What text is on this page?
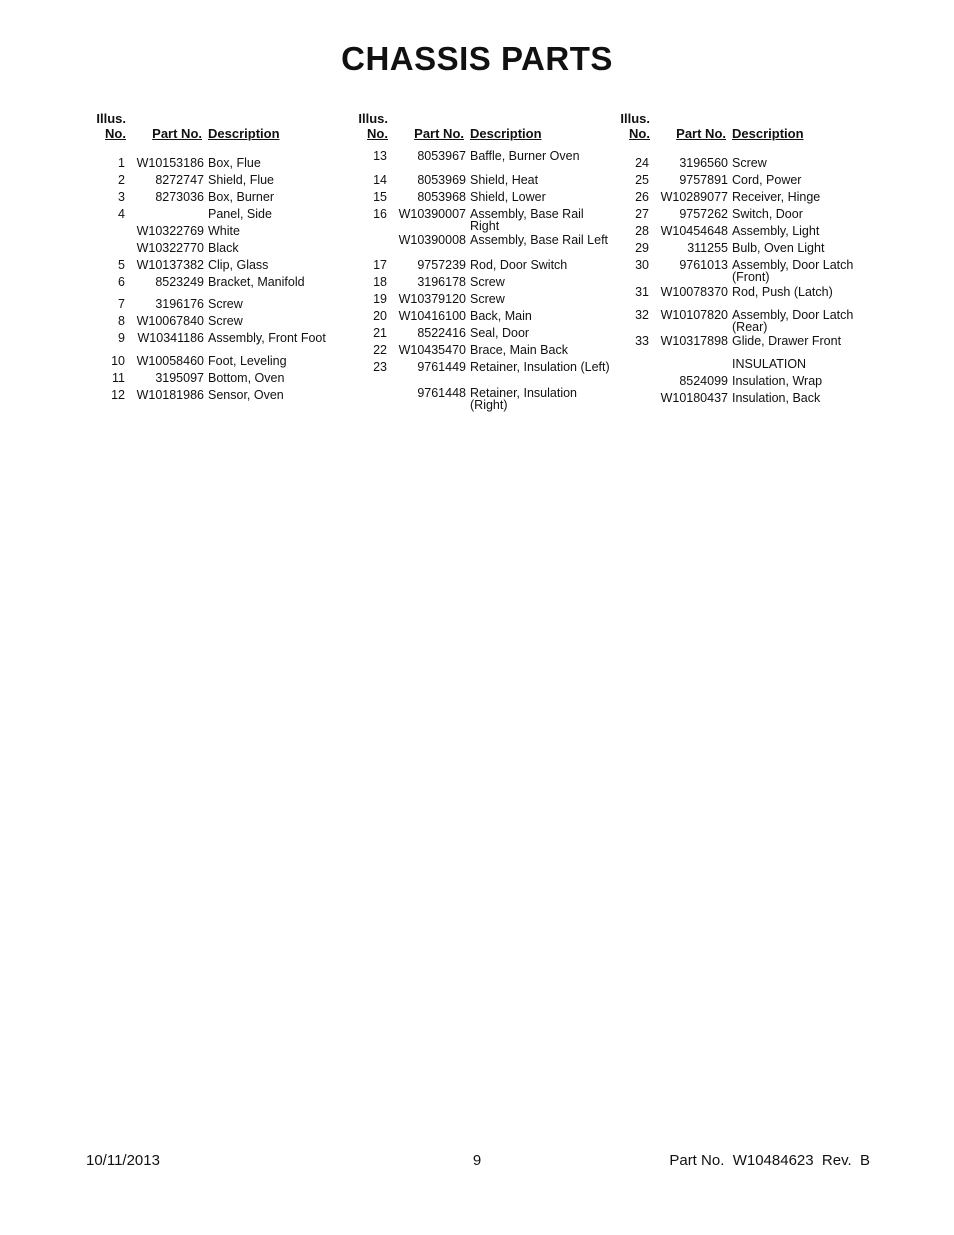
CHASSIS PARTS
Illus.
No.	Part No. Description
1 W10153186 Box, Flue
2	8272747 Shield, Flue
3	8273036 Box, Burner
4	Panel, Side
W10322769 White
W10322770 Black
5 W10137382 Clip, Glass
6	8523249 Bracket, Manifold
7	3196176 Screw
8 W10067840 Screw
9	W10341186 Assembly, Front Foot
10 W10058460 Foot, Leveling
11	3195097 Bottom, Oven
12 W10181986 Sensor, Oven
Illus.
No.	Part No. Description
13	8053967 Baffle, Burner Oven
14	8053969 Shield, Heat
15	8053968 Shield, Lower
16 W10390007 Assembly, Base Rail Right
W10390008 Assembly, Base Rail Left
17	9757239 Rod, Door Switch
18	3196178 Screw
19 W10379120 Screw
20 W10416100 Back, Main
21	8522416 Seal, Door
22 W10435470 Brace, Main Back
23	9761449 Retainer, Insulation (Left)
9761448 Retainer, Insulation (Right)
Illus.
No.	Part No. Description
24	3196560 Screw
25	9757891 Cord, Power
26 W10289077 Receiver, Hinge
27	9757262 Switch, Door
28 W10454648 Assembly, Light
29	311255 Bulb, Oven Light
30	9761013 Assembly, Door Latch (Front)
31 W10078370 Rod, Push (Latch)
32 W10107820 Assembly, Door Latch (Rear)
33 W10317898 Glide, Drawer Front
INSULATION
8524099 Insulation, Wrap
W10180437 Insulation, Back
10/11/2013	9	Part No.  W10484623  Rev.  B
